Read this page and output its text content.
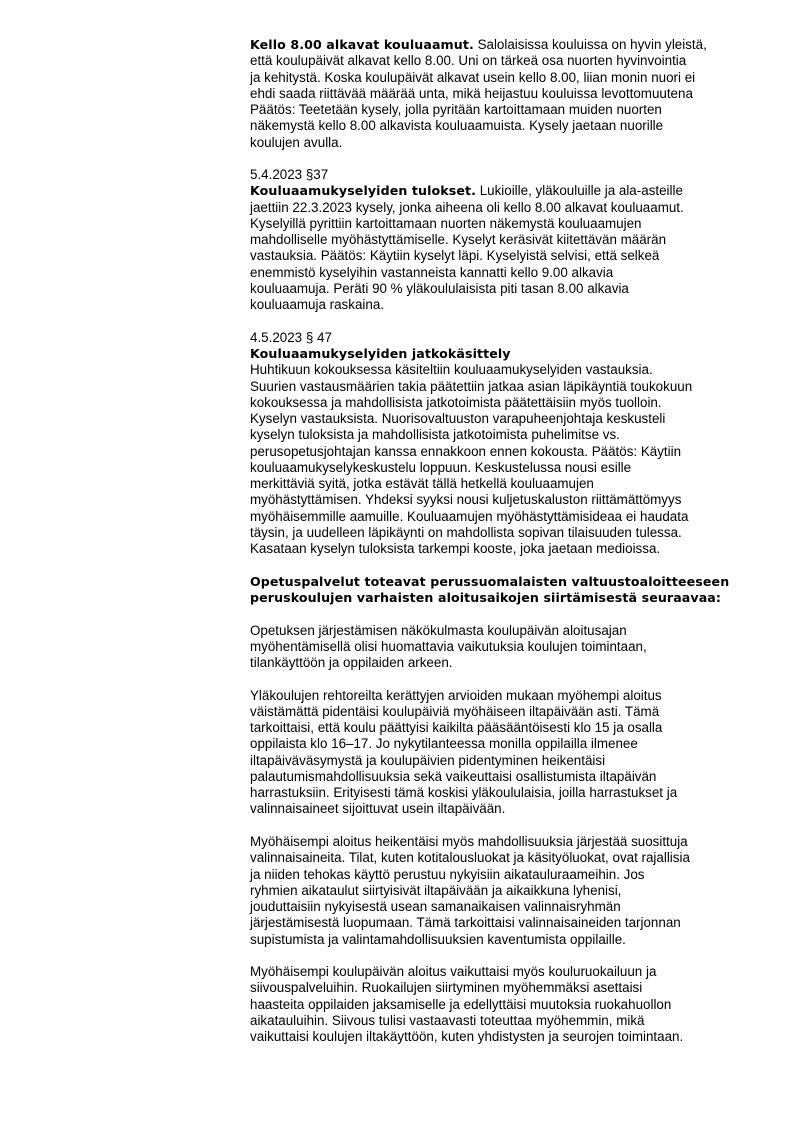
Kello 8.00 alkavat kouluaamut. Salolaisissa kouluissa on hyvin yleistä,
että koulupäivät alkavat kello 8.00. Uni on tärkeä osa nuorten hyvinvointia
ja kehitystä. Koska koulupäivät alkavat usein kello 8.00, liian monin nuori ei
ehdi saada riittävää määrää unta, mikä heijastuu kouluissa levottomuutena
Päätös: Teetetään kysely, jolla pyritään kartoittamaan muiden nuorten
näkemystä kello 8.00 alkavista kouluaamuista. Kysely jaetaan nuorille
koulujen avulla.
5.4.2023 §37
Kouluaamukyselyiden tulokset. Lukioille, yläkouluille ja ala-asteille
jaettiin 22.3.2023 kysely, jonka aiheena oli kello 8.00 alkavat kouluaamut.
Kyselyillä pyrittiin kartoittamaan nuorten näkemystä kouluaamujen
mahdolliselle myöhästyttämiselle. Kyselyt keräsivät kiitettävän määrän
vastauksia. Päätös: Käytiin kyselyt läpi. Kyselyistä selvisi, että selkeä
enemmistö kyselyihin vastanneista kannatti kello 9.00 alkavia
kouluaamuja. Peräti 90 % yläkoululaisista piti tasan 8.00 alkavia
kouluaamuja raskaina.
4.5.2023 § 47
Kouluaamukyselyiden jatkokäsittely
Huhtikuun kokouksessa käsiteltiin kouluaamukyselyiden vastauksia.
Suurien vastausmäärien takia päätettiin jatkaa asian läpikäyntiä toukokuun
kokouksessa ja mahdollisista jatkotoimista päätettäisiin myös tuolloin.
Kyselyn vastauksista. Nuorisovaltuuston varapuheenjohtaja keskusteli
kyselyn tuloksista ja mahdollisista jatkotoimista puhelimitse vs.
perusopetusjohtajan kanssa ennakkoon ennen kokousta. Päätös: Käytiin
kouluaamukyselykeskustelu loppuun. Keskustelussa nousi esille
merkittäviä syitä, jotka estävät tällä hetkellä kouluaamujen
myöhästyttämisen. Yhdeksi syyksi nousi kuljetuskaluston riittämättömyys
myöhäisemmille aamuille. Kouluaamujen myöhästyttämisideaa ei haudata
täysin, ja uudelleen läpikäynti on mahdollista sopivan tilaisuuden tulessa.
Kasataan kyselyn tuloksista tarkempi kooste, joka jaetaan medioissa.
Opetuspalvelut toteavat perussuomalaisten valtuustoaloitteeseen
peruskoulujen varhaisten aloitusaikojen siirtämisestä seuraavaa:
Opetuksen järjestämisen näkökulmasta koulupäivän aloitusajan
myöhentämisellä olisi huomattavia vaikutuksia koulujen toimintaan,
tilankäyttöön ja oppilaiden arkeen.
Yläkoulujen rehtoreilta kerättyjen arvioiden mukaan myöhempi aloitus
väistämättä pidentäisi koulupäiviä myöhäiseen iltapäivään asti. Tämä
tarkoittaisi, että koulu päättyisi kaikilta pääsääntöisesti klo 15 ja osalla
oppilaista klo 16–17. Jo nykytilanteessa monilla oppilailla ilmenee
iltapäiväväsymystä ja koulupäivien pidentyminen heikentäisi
palautumismahdollisuuksia sekä vaikeuttaisi osallistumista iltapäivän
harrastuksiin. Erityisesti tämä koskisi yläkoululaisia, joilla harrastukset ja
valinnaisaineet sijoittuvat usein iltapäivään.
Myöhäisempi aloitus heikentäisi myös mahdollisuuksia järjestää suosittuja
valinnaisaineita. Tilat, kuten kotitalousluokat ja käsityöluokat, ovat rajallisia
ja niiden tehokas käyttö perustuu nykyisiin aikatauluraameihin. Jos
ryhmien aikataulut siirtyisivät iltapäivään ja aikaikkuna lyhenisi,
jouduttaisiin nykyisestä usean samanaikaisen valinnaisryhmän
järjestämisestä luopumaan. Tämä tarkoittaisi valinnaisaineiden tarjonnan
supistumista ja valintamahdollisuuksien kaventumista oppilaille.
Myöhäisempi koulupäivän aloitus vaikuttaisi myös kouluruokailuun ja
siivouspalveluihin. Ruokailujen siirtyminen myöhemmäksi asettaisi
haasteita oppilaiden jaksamiselle ja edellyttäisi muutoksia ruokahuollon
aikatauluihin. Siivous tulisi vastaavasti toteuttaa myöhemmin, mikä
vaikuttaisi koulujen iltakäyttöön, kuten yhdistysten ja seurojen toimintaan.
